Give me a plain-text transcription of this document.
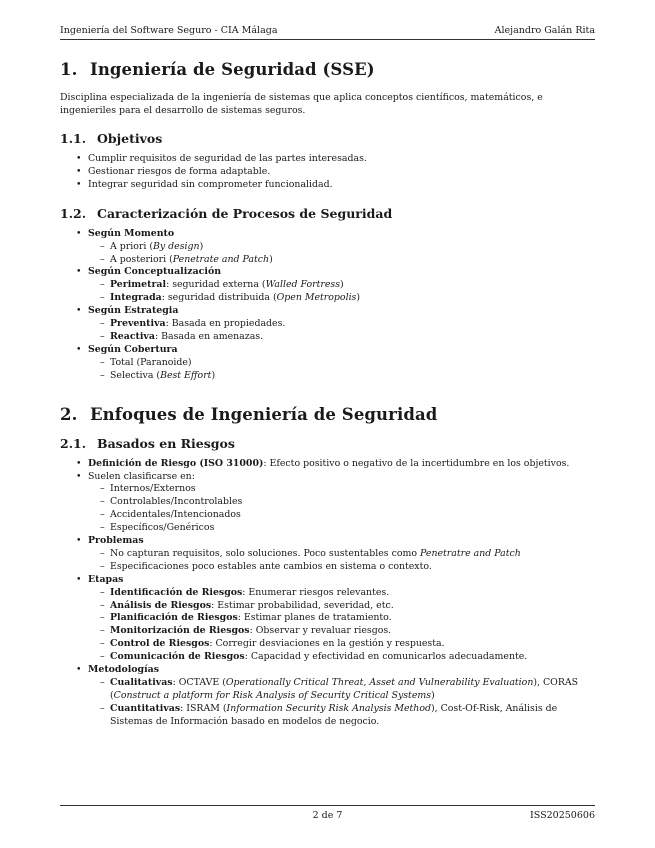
Ingeniería del Software Seguro - CIA Málaga	Alejandro Galán Rita
1. Ingeniería de Seguridad (SSE)

Disciplina especializada de la ingeniería de sistemas que aplica conceptos científicos, matemáticos, e ingenieriles para el desarrollo de sistemas seguros.

1.1. Objetivos
• Cumplir requisitos de seguridad de las partes interesadas.
• Gestionar riesgos de forma adaptable.
• Integrar seguridad sin comprometer funcionalidad.
1.2. Caracterización de Procesos de Seguridad
• Según Momento
– A priori (By design)
– A posteriori (Penetrate and Patch)
• Según Conceptualización
– Perimetral: seguridad externa (Walled Fortress)
– Integrada: seguridad distribuida (Open Metropolis)
• Según Estrategia
– Preventiva: Basada en propiedades.
– Reactiva: Basada en amenazas.
• Según Cobertura
– Total (Paranoide)
– Selectiva (Best Effort)
2. Enfoques de Ingeniería de Seguridad
2.1. Basados en Riesgos
• Definición de Riesgo (ISO 31000): Efecto positivo o negativo de la incertidumbre en los objetivos.
• Suelen clasificarse en:
– Internos/Externos
– Controlables/Incontrolables
– Accidentales/Intencionados
– Específicos/Genéricos
• Problemas
– No capturan requisitos, solo soluciones. Poco sustentables como Penetratre and Patch
– Especificaciones poco estables ante cambios en sistema o contexto.
• Etapas
– Identificación de Riesgos: Enumerar riesgos relevantes.
– Análisis de Riesgos: Estimar probabilidad, severidad, etc.
– Planificación de Riesgos: Estimar planes de tratamiento.
– Monitorización de Riesgos: Observar y revaluar riesgos.
– Control de Riesgos: Corregir desviaciones en la gestión y respuesta.
– Comunicación de Riesgos: Capacidad y efectividad en comunicarlos adecuadamente.
• Metodologías
– Cualitativas: OCTAVE (Operationally Critical Threat, Asset and Vulnerability Evaluation), CORAS (Construct a platform for Risk Analysis of Security Critical Systems)
– Cuantitativas: ISRAM (Information Security Risk Analysis Method), Cost-Of-Risk, Análisis de Sistemas de Información basado en modelos de negocio.
2 de 7	ISS20250606
